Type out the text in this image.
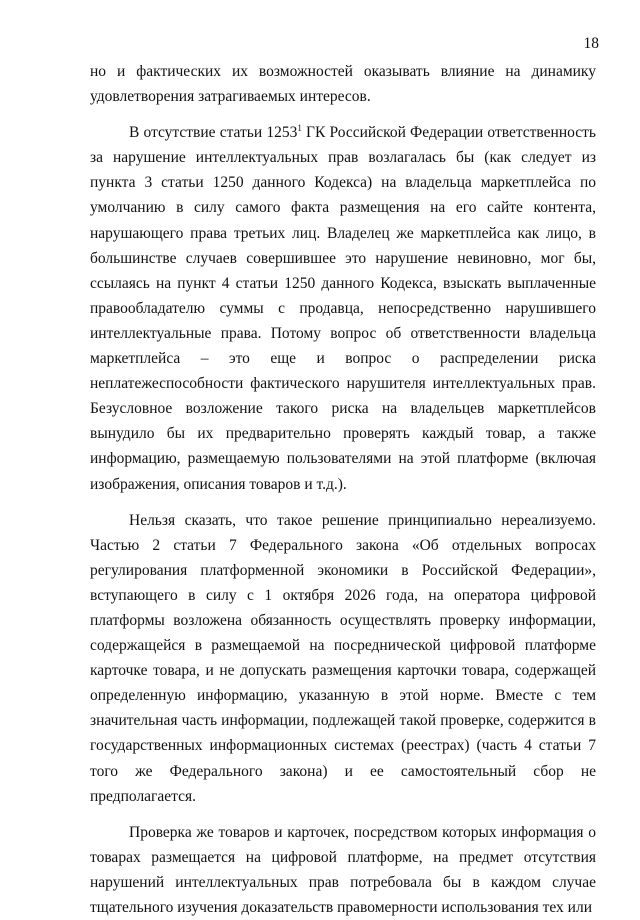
18

но и фактических их возможностей оказывать влияние на динамику удовлетворения затрагиваемых интересов.

В отсутствие статьи 1253$^1$ ГК Российской Федерации ответственность за нарушение интеллектуальных прав возлагалась бы (как следует из пункта 3 статьи 1250 данного Кодекса) на владельца маркетплейса по умолчанию в силу самого факта размещения на его сайте контента, нарушающего права третьих лиц. Владелец же маркетплейса как лицо, в большинстве случаев совершившее это нарушение невиновно, мог бы, ссылаясь на пункт 4 статьи 1250 данного Кодекса, взыскать выплаченные правообладателю суммы с продавца, непосредственно нарушившего интеллектуальные права. Потому вопрос об ответственности владельца маркетплейса – это еще и вопрос о распределении риска неплатежеспособности фактического нарушителя интеллектуальных прав. Безусловное возложение такого риска на владельцев маркетплейсов вынудило бы их предварительно проверять каждый товар, а также информацию, размещаемую пользователями на этой платформе (включая изображения, описания товаров и т.д.).

Нельзя сказать, что такое решение принципиально нереализуемо. Частью 2 статьи 7 Федерального закона «Об отдельных вопросах регулирования платформенной экономики в Российской Федерации», вступающего в силу с 1 октября 2026 года, на оператора цифровой платформы возложена обязанность осуществлять проверку информации, содержащейся в размещаемой на посреднической цифровой платформе карточке товара, и не допускать размещения карточки товара, содержащей определенную информацию, указанную в этой норме. Вместе с тем значительная часть информации, подлежащей такой проверке, содержится в государственных информационных системах (реестрах) (часть 4 статьи 7 того же Федерального закона) и ее самостоятельный сбор не предполагается.

Проверка же товаров и карточек, посредством которых информация о товарах размещается на цифровой платформе, на предмет отсутствия нарушений интеллектуальных прав потребовала бы в каждом случае тщательного изучения доказательств правомерности использования тех или
